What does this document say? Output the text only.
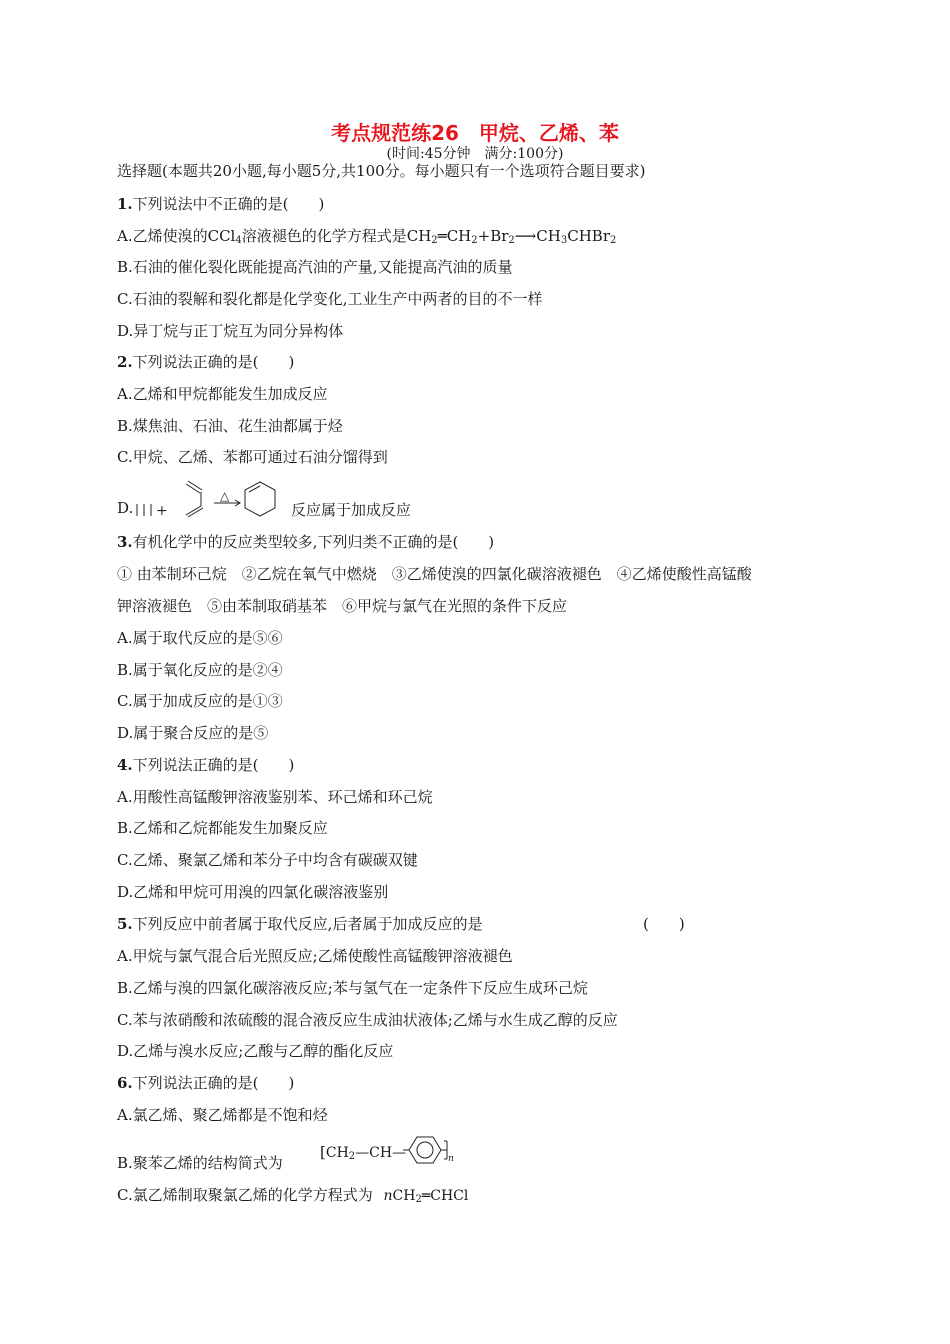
考点规范练26　甲烷、乙烯、苯
(时间:45分钟　满分:100分)
选择题(本题共20小题,每小题5分,共100分。每小题只有一个选项符合题目要求)
1.下列说法中不正确的是(　　)
A.乙烯使溴的CCl$_4$溶液褪色的化学方程式是$CH_2═CH_2+Br_2⟶CH_3CHBr_2$
B.石油的催化裂化既能提高汽油的产量,又能提高汽油的质量
C.石油的裂解和裂化都是化学变化,工业生产中两者的目的不一样
D.异丁烷与正丁烷互为同分异构体
2.下列说法正确的是(　　)
A.乙烯和甲烷都能发生加成反应
B.煤焦油、石油、花生油都属于烃
C.甲烷、乙烯、苯都可通过石油分馏得到
D. +
△
反应属于加成反应
3.有机化学中的反应类型较多,下列归类不正确的是(　　)
① 由苯制环己烷　②乙烷在氧气中燃烧　③乙烯使溴的四氯化碳溶液褪色　④乙烯使酸性高锰酸
钾溶液褪色　⑤由苯制取硝基苯　⑥甲烷与氯气在光照的条件下反应
A.属于取代反应的是⑤⑥
B.属于氧化反应的是②④
C.属于加成反应的是①③
D.属于聚合反应的是⑤
4.下列说法正确的是(　　)
A.用酸性高锰酸钾溶液鉴别苯、环己烯和环己烷
B.乙烯和乙烷都能发生加聚反应
C.乙烯、聚氯乙烯和苯分子中均含有碳碳双键
D.乙烯和甲烷可用溴的四氯化碳溶液鉴别
5.下列反应中前者属于取代反应,后者属于加成反应的是	(　　)
A.甲烷与氯气混合后光照反应;乙烯使酸性高锰酸钾溶液褪色
B.乙烯与溴的四氯化碳溶液反应;苯与氢气在一定条件下反应生成环己烷
C.苯与浓硝酸和浓硫酸的混合液反应生成油状液体;乙烯与水生成乙醇的反应
D.乙烯与溴水反应;乙酸与乙醇的酯化反应
6.下列说法正确的是(　　)
A.氯乙烯、聚乙烯都是不饱和烃
B.聚苯乙烯的结构简式为
[$CH_2—CH—$	n
C.氯乙烯制取聚氯乙烯的化学方程式为 nCH$_2$═CHCl
